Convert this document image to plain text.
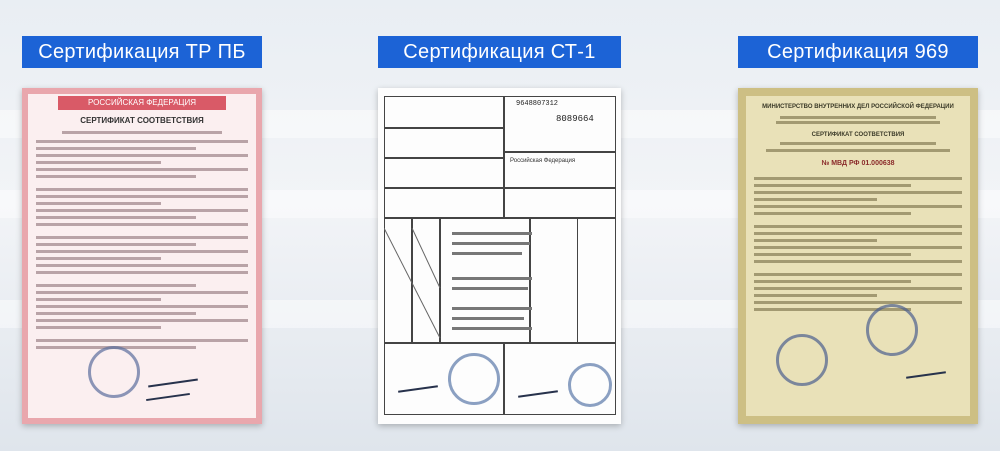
Сертификация ТР ПБ
РОССИЙСКАЯ ФЕДЕРАЦИЯ
СЕРТИФИКАТ СООТВЕТСТВИЯ
Сертификация СТ-1
9648807312
8089664
Российская Федерация
Сертификация 969
МИНИСТЕРСТВО ВНУТРЕННИХ ДЕЛ РОССИЙСКОЙ ФЕДЕРАЦИИ
СЕРТИФИКАТ СООТВЕТСТВИЯ
№ МВД РФ 01.000638
